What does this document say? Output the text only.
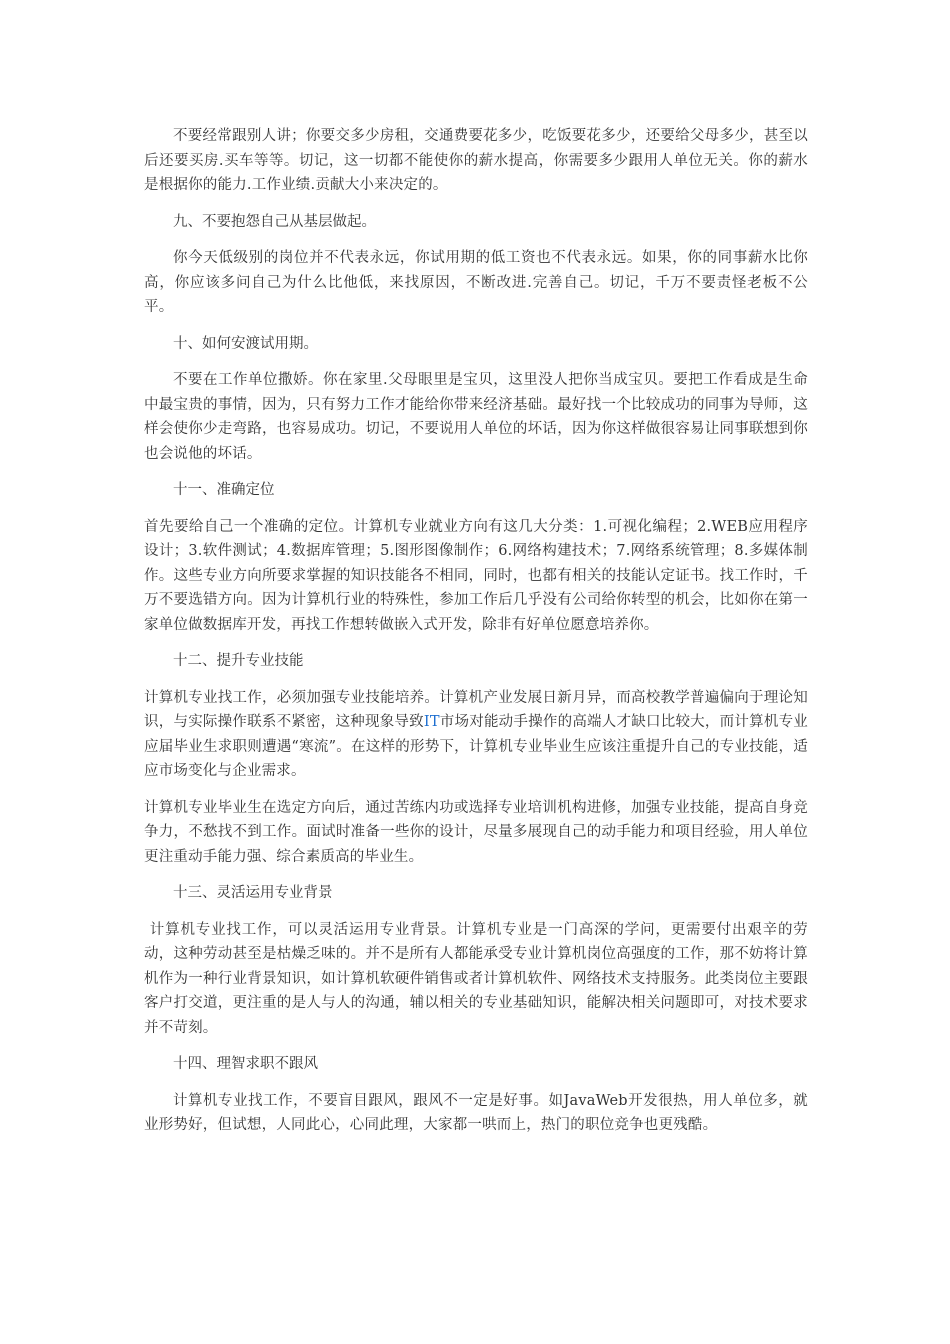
不要经常跟别人讲；你要交多少房租，交通费要花多少，吃饭要花多少，还要给父母多少，甚至以后还要买房.买车等等。切记，这一切都不能使你的薪水提高，你需要多少跟用人单位无关。你的薪水是根据你的能力.工作业绩.贡献大小来决定的。

九、不要抱怨自己从基层做起。

你今天低级别的岗位并不代表永远，你试用期的低工资也不代表永远。如果，你的同事薪水比你高，你应该多问自己为什么比他低，来找原因，不断改进.完善自己。切记，千万不要责怪老板不公平。

十、如何安渡试用期。

不要在工作单位撒娇。你在家里.父母眼里是宝贝，这里没人把你当成宝贝。要把工作看成是生命中最宝贵的事情，因为，只有努力工作才能给你带来经济基础。最好找一个比较成功的同事为导师，这样会使你少走弯路，也容易成功。切记，不要说用人单位的坏话，因为你这样做很容易让同事联想到你也会说他的坏话。

十一、准确定位

首先要给自己一个准确的定位。计算机专业就业方向有这几大分类：1.可视化编程；2.WEB应用程序设计；3.软件测试；4.数据库管理；5.图形图像制作；6.网络构建技术；7.网络系统管理；8.多媒体制作。这些专业方向所要求掌握的知识技能各不相同，同时，也都有相关的技能认定证书。找工作时，千万不要选错方向。因为计算机行业的特殊性，参加工作后几乎没有公司给你转型的机会，比如你在第一家单位做数据库开发，再找工作想转做嵌入式开发，除非有好单位愿意培养你。

十二、提升专业技能

计算机专业找工作，必须加强专业技能培养。计算机产业发展日新月异，而高校教学普遍偏向于理论知识，与实际操作联系不紧密，这种现象导致IT市场对能动手操作的高端人才缺口比较大，而计算机专业应届毕业生求职则遭遇“寒流”。在这样的形势下，计算机专业毕业生应该注重提升自己的专业技能，适应市场变化与企业需求。

计算机专业毕业生在选定方向后，通过苦练内功或选择专业培训机构进修，加强专业技能，提高自身竞争力，不愁找不到工作。面试时准备一些你的设计，尽量多展现自己的动手能力和项目经验，用人单位更注重动手能力强、综合素质高的毕业生。

十三、灵活运用专业背景

计算机专业找工作，可以灵活运用专业背景。计算机专业是一门高深的学问，更需要付出艰辛的劳动，这种劳动甚至是枯燥乏味的。并不是所有人都能承受专业计算机岗位高强度的工作，那不妨将计算机作为一种行业背景知识，如计算机软硬件销售或者计算机软件、网络技术支持服务。此类岗位主要跟客户打交道，更注重的是人与人的沟通，辅以相关的专业基础知识，能解决相关问题即可，对技术要求并不苛刻。

十四、理智求职不跟风

计算机专业找工作，不要盲目跟风，跟风不一定是好事。如JavaWeb开发很热，用人单位多，就业形势好，但试想，人同此心，心同此理，大家都一哄而上，热门的职位竞争也更残酷。
